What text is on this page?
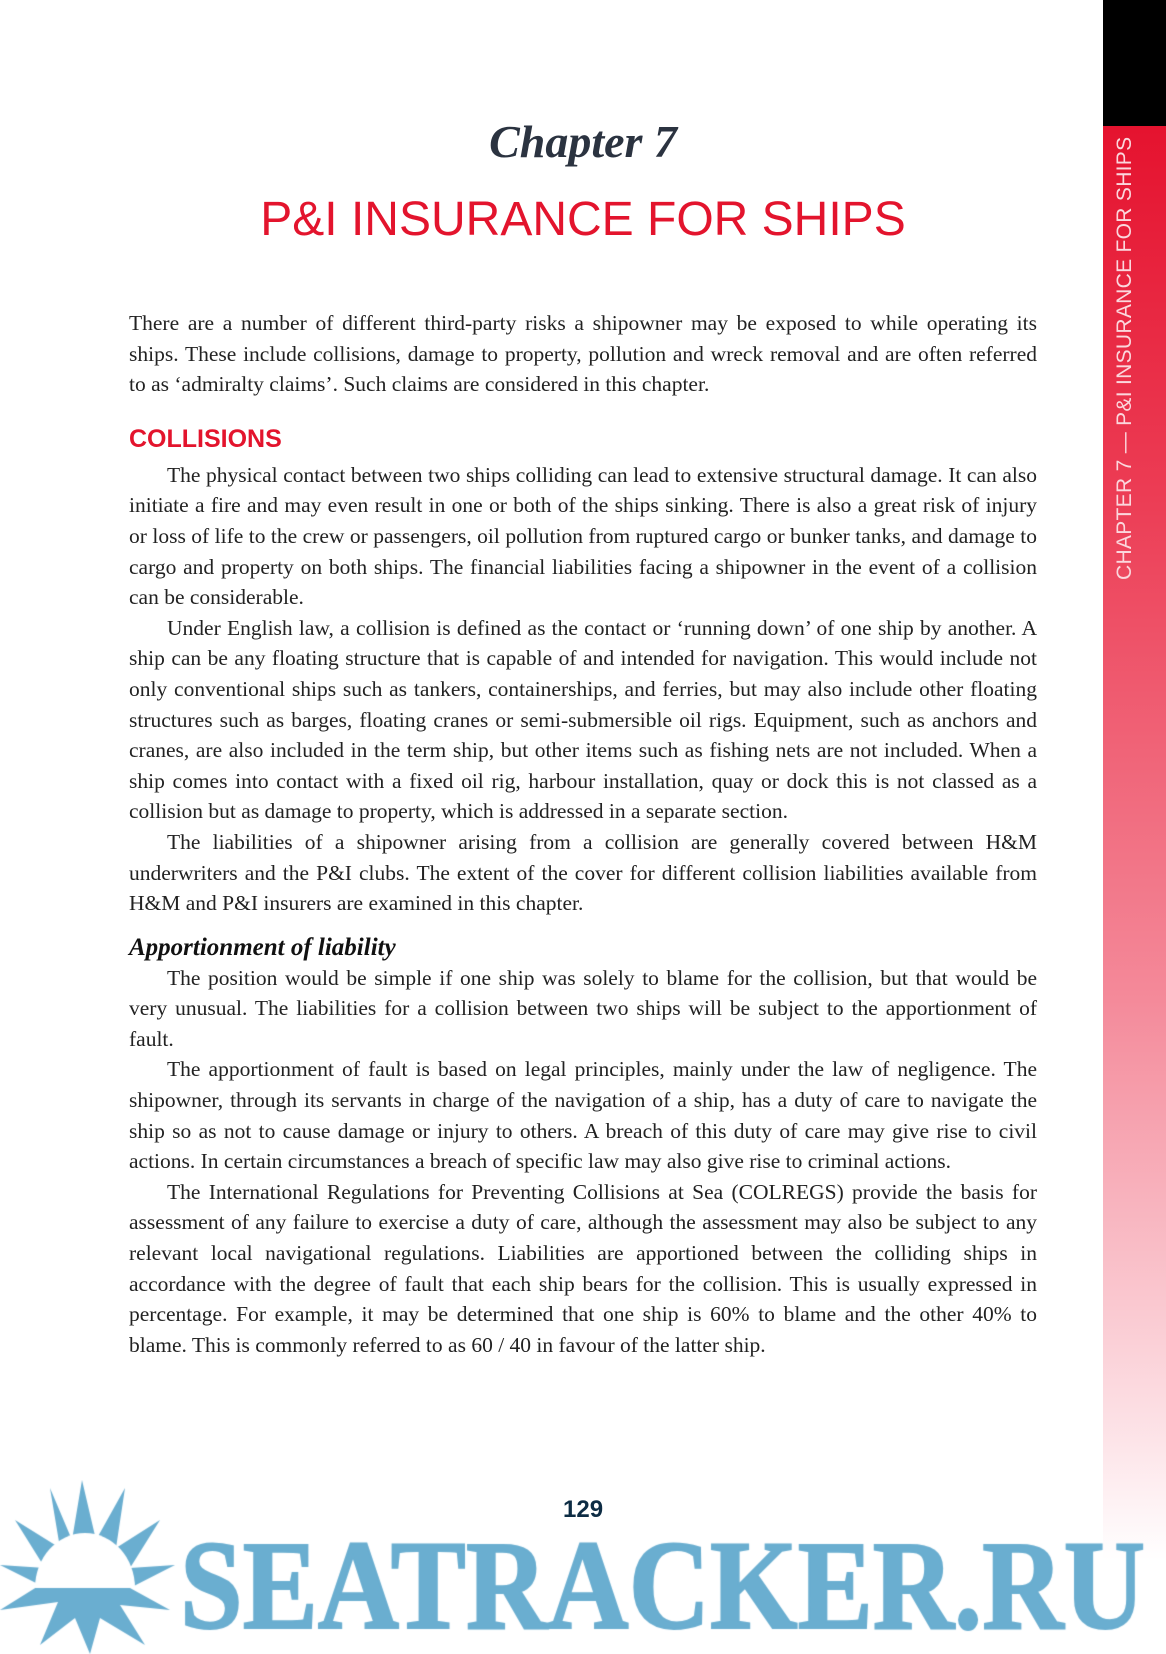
CHAPTER 7 — P&I INSURANCE FOR SHIPS
Chapter 7
P&I INSURANCE FOR SHIPS

There are a number of different third-party risks a shipowner may be exposed to while operating its ships. These include collisions, damage to property, pollution and wreck removal and are often referred to as ‘admiralty claims’. Such claims are considered in this chapter.

COLLISIONS

The physical contact between two ships colliding can lead to extensive structural damage. It can also initiate a fire and may even result in one or both of the ships sinking. There is also a great risk of injury or loss of life to the crew or passengers, oil pollution from ruptured cargo or bunker tanks, and damage to cargo and property on both ships. The financial liabilities facing a shipowner in the event of a collision can be considerable.

Under English law, a collision is defined as the contact or ‘running down’ of one ship by another. A ship can be any floating structure that is capable of and intended for navigation. This would include not only conventional ships such as tankers, containerships, and ferries, but may also include other floating structures such as barges, floating cranes or semi-submersible oil rigs. Equipment, such as anchors and cranes, are also included in the term ship, but other items such as fishing nets are not included. When a ship comes into contact with a fixed oil rig, harbour installation, quay or dock this is not classed as a collision but as damage to property, which is addressed in a separate section.

The liabilities of a shipowner arising from a collision are generally covered between H&M underwriters and the P&I clubs. The extent of the cover for different collision liabilities available from H&M and P&I insurers are examined in this chapter.

Apportionment of liability

The position would be simple if one ship was solely to blame for the collision, but that would be very unusual. The liabilities for a collision between two ships will be subject to the apportionment of fault.

The apportionment of fault is based on legal principles, mainly under the law of negligence. The shipowner, through its servants in charge of the navigation of a ship, has a duty of care to navigate the ship so as not to cause damage or injury to others. A breach of this duty of care may give rise to civil actions. In certain circumstances a breach of specific law may also give rise to criminal actions.

The International Regulations for Preventing Collisions at Sea (COLREGS) provide the basis for assessment of any failure to exercise a duty of care, although the assessment may also be subject to any relevant local navigational regulations. Liabilities are apportioned between the colliding ships in accordance with the degree of fault that each ship bears for the collision. This is usually expressed in percentage. For example, it may be determined that one ship is 60% to blame and the other 40% to blame. This is commonly referred to as 60 / 40 in favour of the latter ship.

129
